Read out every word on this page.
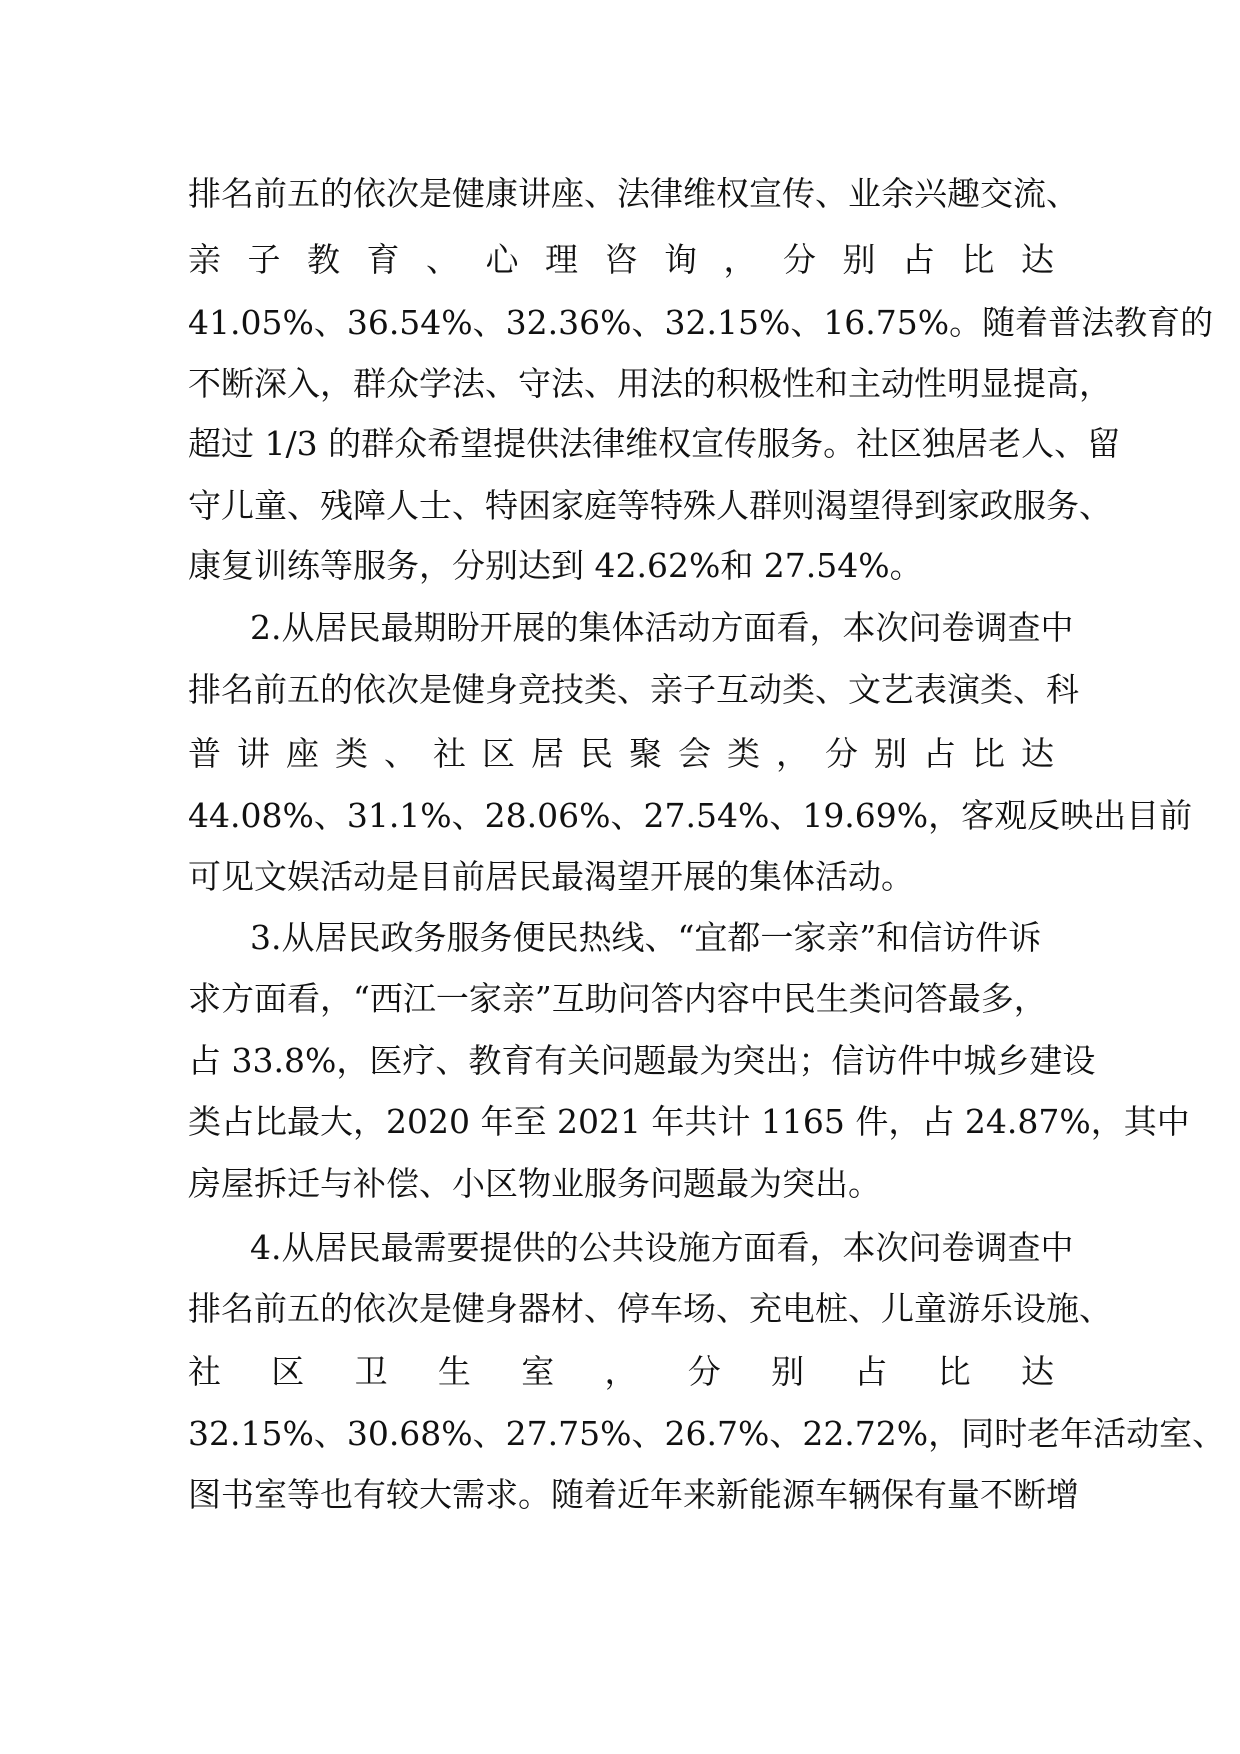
排名前五的依次是健康讲座、法律维权宣传、业余兴趣交流、
亲 子 教 育 、 心 理 咨 询 ， 分 别 占 比 达
41.05%、36.54%、32.36%、32.15%、16.75%。随着普法教育的
不断深入，群众学法、守法、用法的积极性和主动性明显提高，
超过 1/3 的群众希望提供法律维权宣传服务。社区独居老人、留
守儿童、残障人士、特困家庭等特殊人群则渴望得到家政服务、
康复训练等服务，分别达到 42.62%和 27.54%。
2.从居民最期盼开展的集体活动方面看，本次问卷调查中
排名前五的依次是健身竞技类、亲子互动类、文艺表演类、科
普 讲 座 类 、 社 区 居 民 聚 会 类 ， 分 别 占 比 达
44.08%、31.1%、28.06%、27.54%、19.69%，客观反映出目前
可见文娱活动是目前居民最渴望开展的集体活动。
3.从居民政务服务便民热线、“宜都一家亲”和信访件诉
求方面看，“西江一家亲”互助问答内容中民生类问答最多，
占 33.8%，医疗、教育有关问题最为突出；信访件中城乡建设
类占比最大，2020 年至 2021 年共计 1165 件，占 24.87%，其中
房屋拆迁与补偿、小区物业服务问题最为突出。
4.从居民最需要提供的公共设施方面看，本次问卷调查中
排名前五的依次是健身器材、停车场、充电桩、儿童游乐设施、
社 区 卫 生 室 ， 分 别 占 比 达
32.15%、30.68%、27.75%、26.7%、22.72%，同时老年活动室、
图书室等也有较大需求。随着近年来新能源车辆保有量不断增
